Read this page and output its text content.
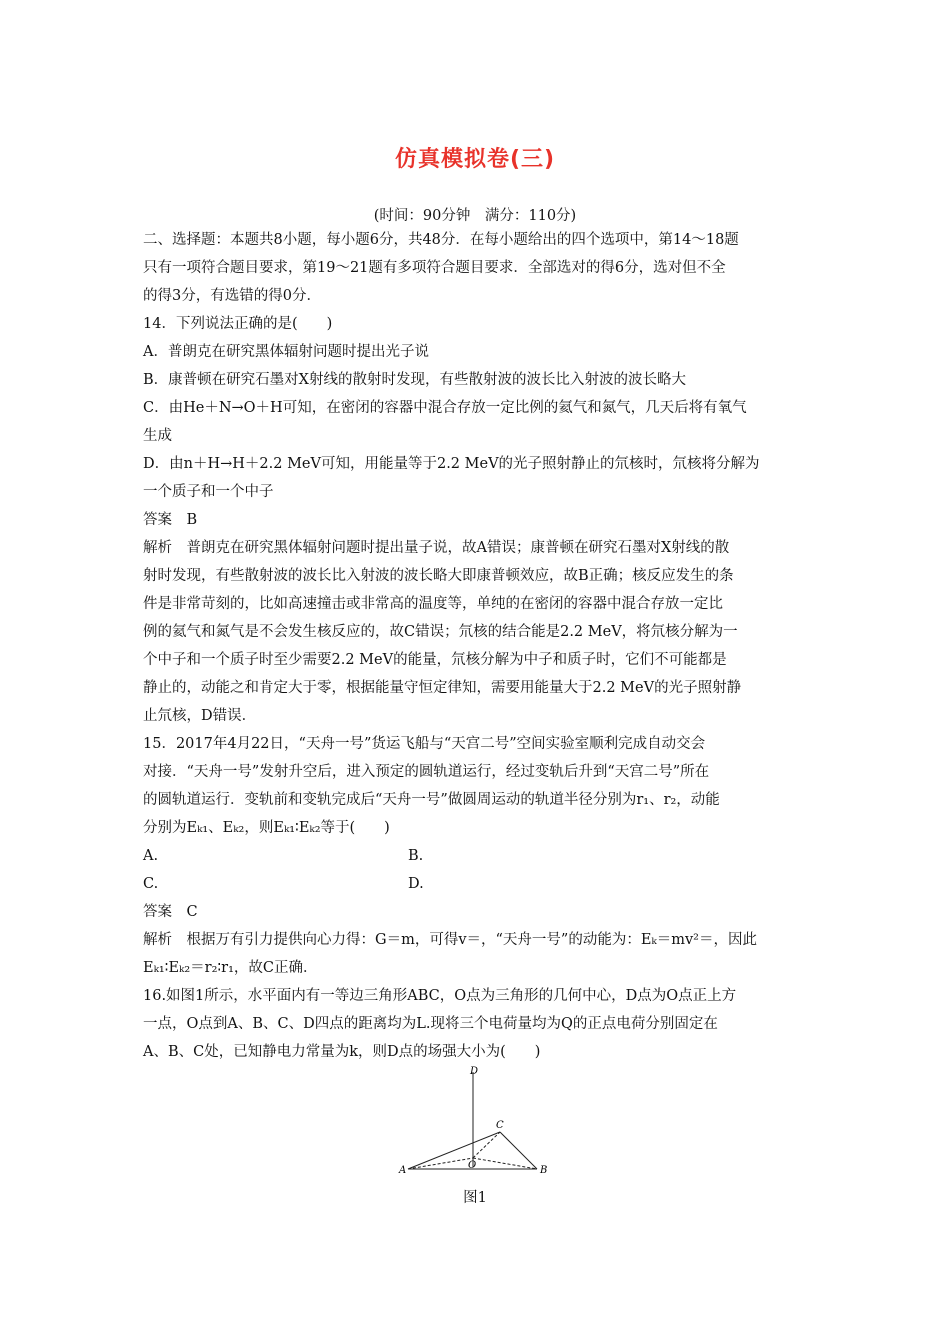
仿真模拟卷(三)
(时间：90分钟　满分：110分)
二、选择题：本题共8小题，每小题6分，共48分．在每小题给出的四个选项中，第14～18题
只有一项符合题目要求，第19～21题有多项符合题目要求．全部选对的得6分，选对但不全
的得3分，有选错的得0分．
14．下列说法正确的是(　　)
A．普朗克在研究黑体辐射问题时提出光子说
B．康普顿在研究石墨对X射线的散射时发现，有些散射波的波长比入射波的波长略大
C．由He＋N→O＋H可知，在密闭的容器中混合存放一定比例的氦气和氮气，几天后将有氧气
生成
D．由n＋H→H＋2.2 MeV可知，用能量等于2.2 MeV的光子照射静止的氘核时，氘核将分解为
一个质子和一个中子
答案　B
解析　普朗克在研究黑体辐射问题时提出量子说，故A错误；康普顿在研究石墨对X射线的散
射时发现，有些散射波的波长比入射波的波长略大即康普顿效应，故B正确；核反应发生的条
件是非常苛刻的，比如高速撞击或非常高的温度等，单纯的在密闭的容器中混合存放一定比
例的氦气和氮气是不会发生核反应的，故C错误；氘核的结合能是2.2 MeV，将氘核分解为一
个中子和一个质子时至少需要2.2 MeV的能量，氘核分解为中子和质子时，它们不可能都是
静止的，动能之和肯定大于零，根据能量守恒定律知，需要用能量大于2.2 MeV的光子照射静
止氘核，D错误．
15．2017年4月22日，“天舟一号”货运飞船与“天宫二号”空间实验室顺利完成自动交会
对接．“天舟一号”发射升空后，进入预定的圆轨道运行，经过变轨后升到“天宫二号”所在
的圆轨道运行．变轨前和变轨完成后“天舟一号”做圆周运动的轨道半径分别为r₁、r₂，动能
分别为Eₖ₁、Eₖ₂，则Eₖ₁∶Eₖ₂等于(　　)
A.	B.
C.	D.
答案　C
解析　根据万有引力提供向心力得：G＝m，可得v＝，“天舟一号”的动能为：Eₖ＝mv²＝，因此
Eₖ₁∶Eₖ₂＝r₂∶r₁，故C正确．
16.如图1所示，水平面内有一等边三角形ABC，O点为三角形的几何中心，D点为O点正上方
一点，O点到A、B、C、D四点的距离均为L.现将三个电荷量均为Q的正点电荷分别固定在
A、B、C处，已知静电力常量为k，则D点的场强大小为(　　)
D
C
O
A	B
图1
